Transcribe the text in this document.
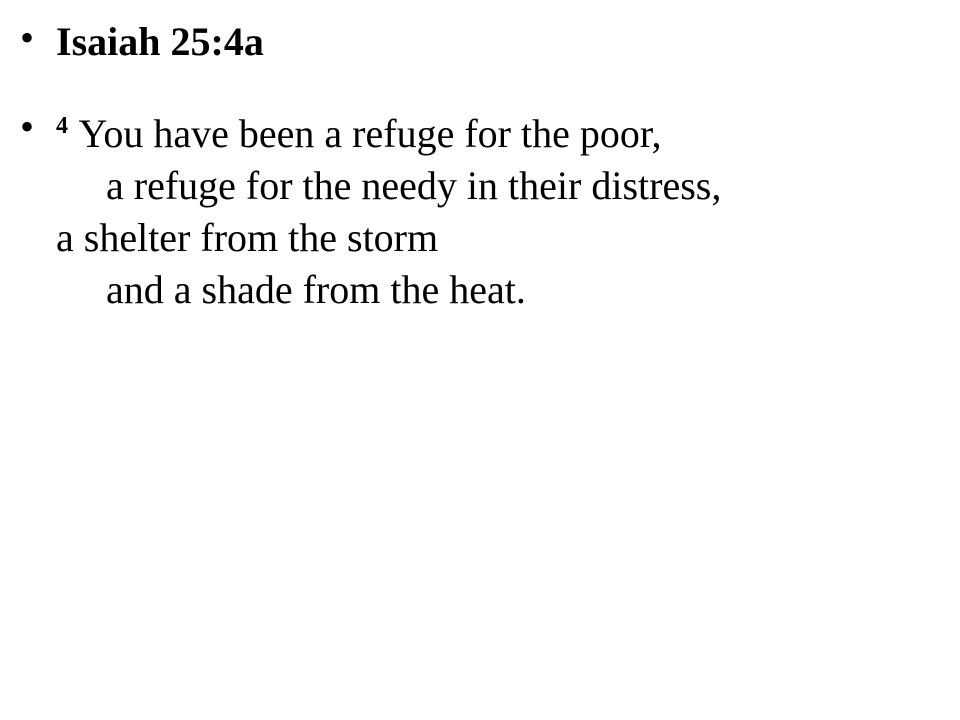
• Isaiah 25:4a
• $^4$ You have been a refuge for the poor,
a refuge for the needy in their distress,
a shelter from the storm
and a shade from the heat.
